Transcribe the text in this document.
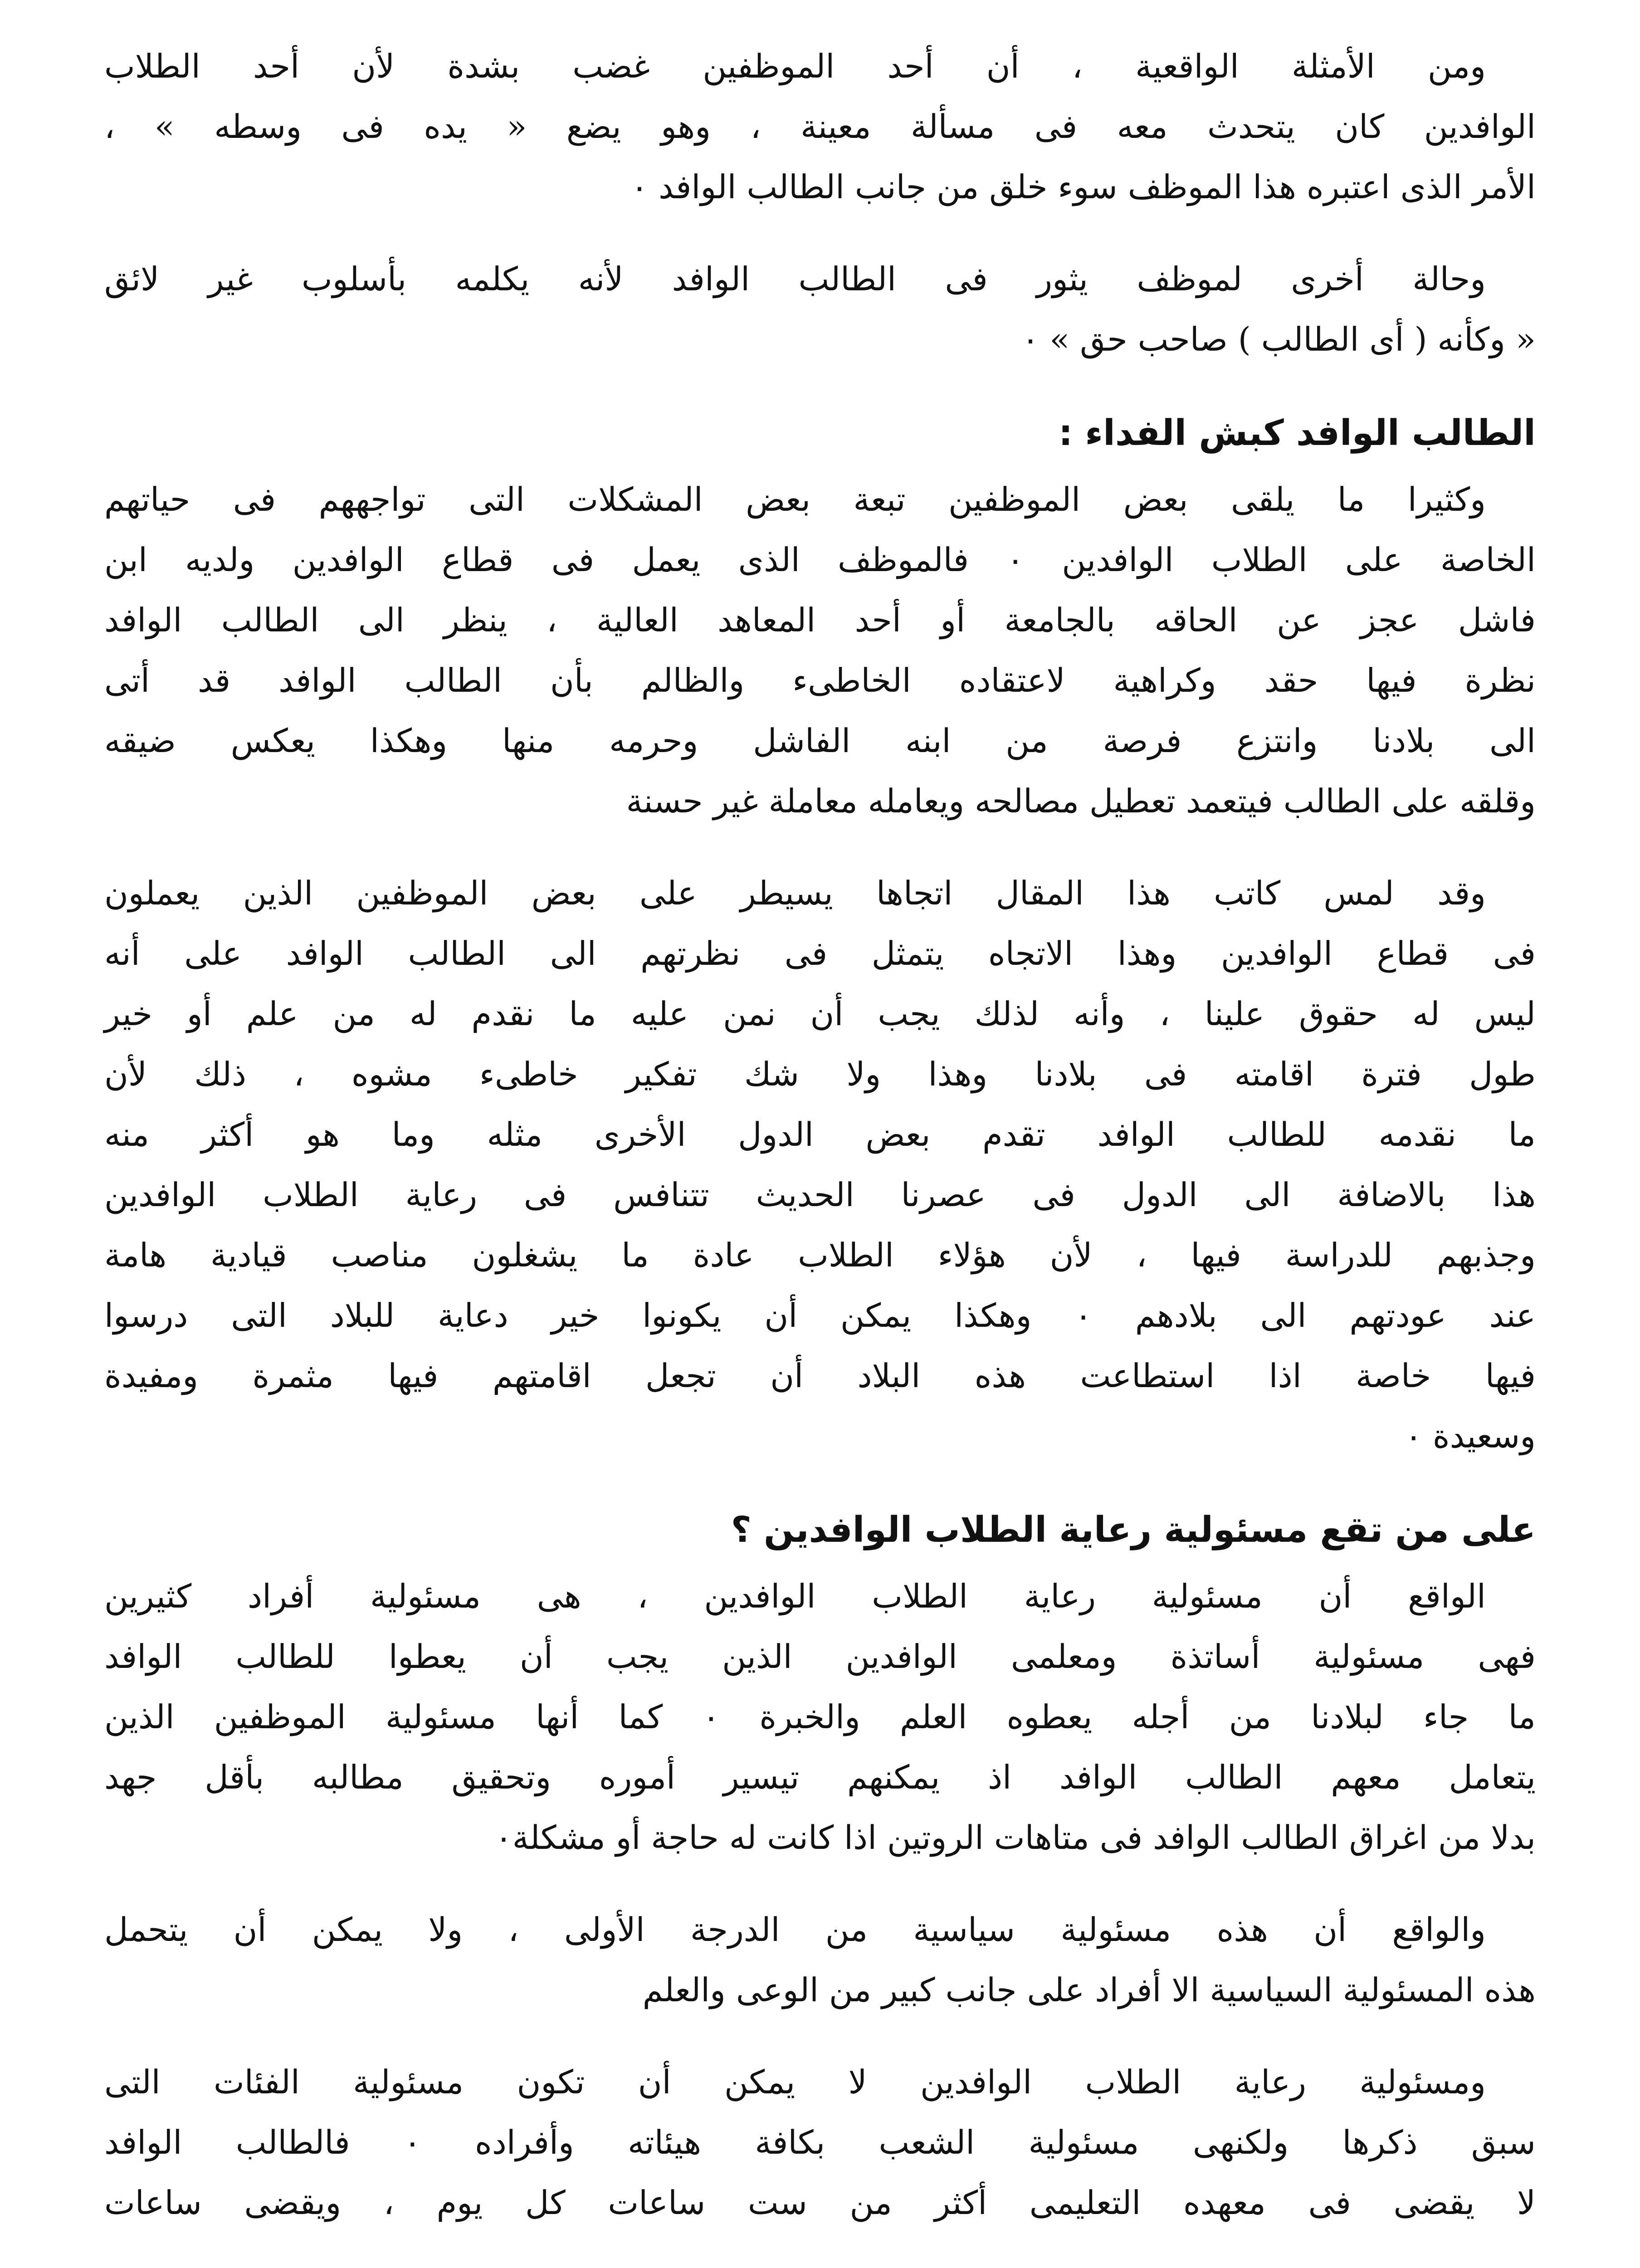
ومن الأمثلة الواقعية ، أن أحد الموظفين غضب بشدة لأن أحد الطلاب
الوافدين كان يتحدث معه فى مسألة معينة ، وهو يضع « يده فى وسطه » ،
الأمر الذى اعتبره هذا الموظف سوء خلق من جانب الطالب الوافد ٠

وحالة أخرى لموظف يثور فى الطالب الوافد لأنه يكلمه بأسلوب غير لائق
« وكأنه ( أى الطالب ) صاحب حق » ٠

الطالب الوافد كبش الفداء :

وكثيرا ما يلقى بعض الموظفين تبعة بعض المشكلات التى تواجههم فى حياتهم
الخاصة على الطلاب الوافدين ٠ فالموظف الذى يعمل فى قطاع الوافدين ولديه ابن
فاشل عجز عن الحاقه بالجامعة أو أحد المعاهد العالية ، ينظر الى الطالب الوافد
نظرة فيها حقد وكراهية لاعتقاده الخاطىء والظالم بأن الطالب الوافد قد أتى
الى بلادنا وانتزع فرصة من ابنه الفاشل وحرمه منها وهكذا يعكس ضيقه
وقلقه على الطالب فيتعمد تعطيل مصالحه ويعامله معاملة غير حسنة

وقد لمس كاتب هذا المقال اتجاها يسيطر على بعض الموظفين الذين يعملون
فى قطاع الوافدين وهذا الاتجاه يتمثل فى نظرتهم الى الطالب الوافد على أنه
ليس له حقوق علينا ، وأنه لذلك يجب أن نمن عليه ما نقدم له من علم أو خير
طول فترة اقامته فى بلادنا وهذا ولا شك تفكير خاطىء مشوه ، ذلك لأن
ما نقدمه للطالب الوافد تقدم بعض الدول الأخرى مثله وما هو أكثر منه
هذا بالاضافة الى الدول فى عصرنا الحديث تتنافس فى رعاية الطلاب الوافدين
وجذبهم للدراسة فيها ، لأن هؤلاء الطلاب عادة ما يشغلون مناصب قيادية هامة
عند عودتهم الى بلادهم ٠ وهكذا يمكن أن يكونوا خير دعاية للبلاد التى درسوا
فيها خاصة اذا استطاعت هذه البلاد أن تجعل اقامتهم فيها مثمرة ومفيدة
وسعيدة ٠

على من تقع مسئولية رعاية الطلاب الوافدين ؟

الواقع أن مسئولية رعاية الطلاب الوافدين ، هى مسئولية أفراد كثيرين
فهى مسئولية أساتذة ومعلمى الوافدين الذين يجب أن يعطوا للطالب الوافد
ما جاء لبلادنا من أجله يعطوه العلم والخبرة ٠ كما أنها مسئولية الموظفين الذين
يتعامل معهم الطالب الوافد اذ يمكنهم تيسير أموره وتحقيق مطالبه بأقل جهد
بدلا من اغراق الطالب الوافد فى متاهات الروتين اذا كانت له حاجة أو مشكلة٠

والواقع أن هذه مسئولية سياسية من الدرجة الأولى ، ولا يمكن أن يتحمل
هذه المسئولية السياسية الا أفراد على جانب كبير من الوعى والعلم

ومسئولية رعاية الطلاب الوافدين لا يمكن أن تكون مسئولية الفئات التى
سبق ذكرها ولكنهى مسئولية الشعب بكافة هيئاته وأفراده ٠ فالطالب الوافد
لا يقضى فى معهده التعليمى أكثر من ست ساعات كل يوم ، ويقضى ساعات
